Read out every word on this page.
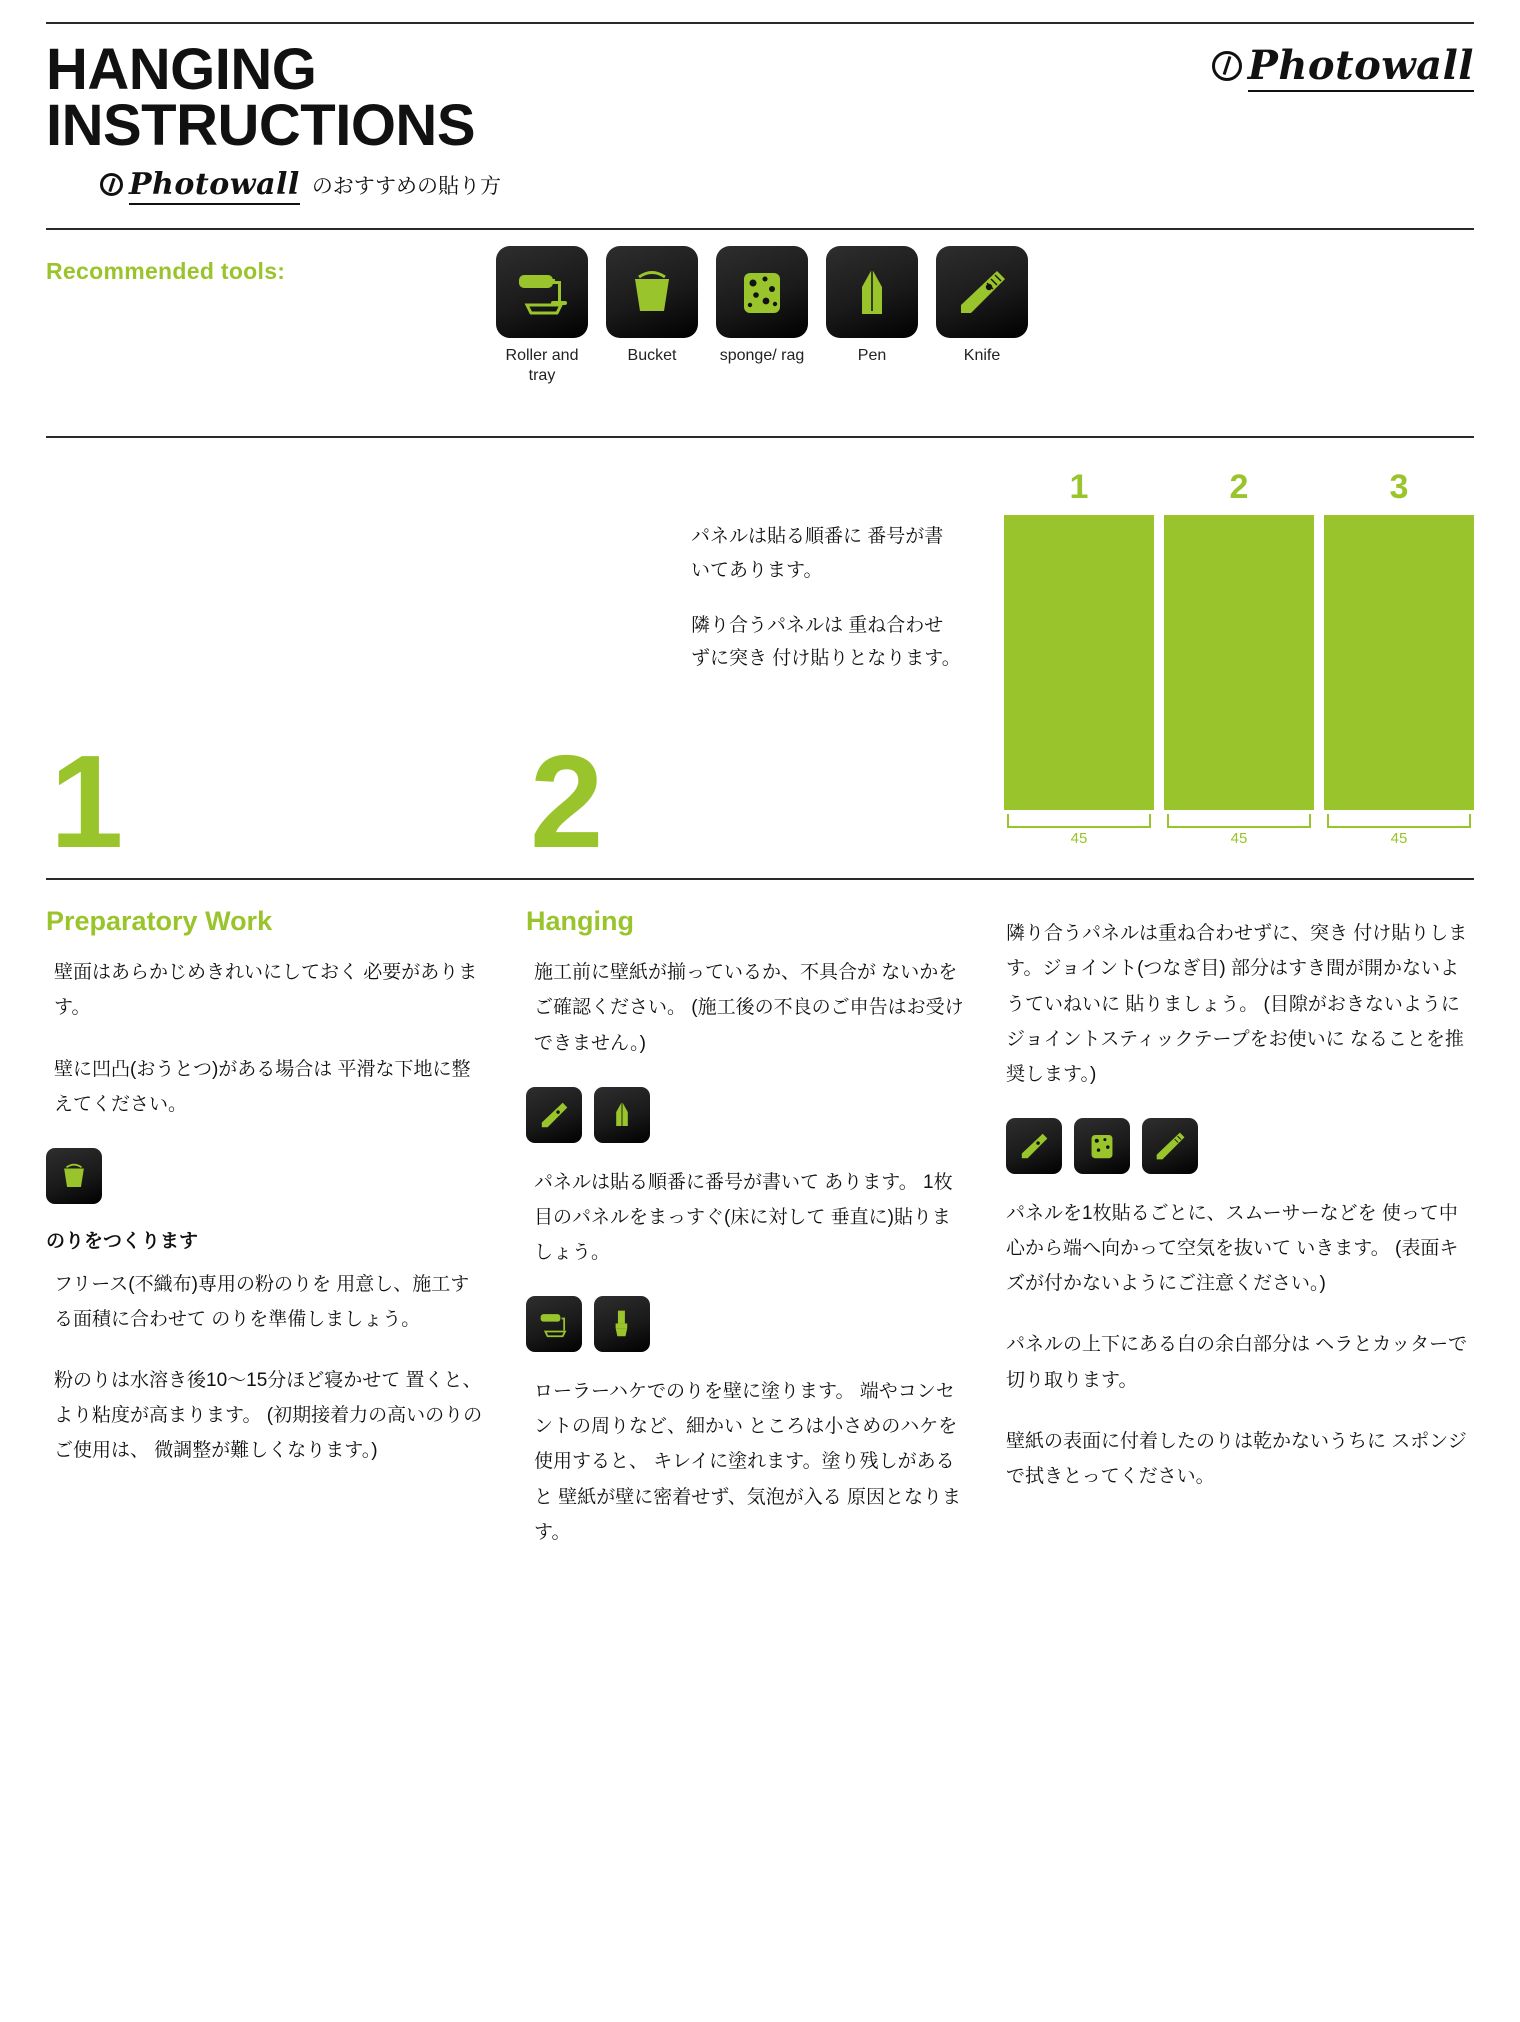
HANGING
INSTRUCTIONS
Photowall のおすすめの貼り方
Photowall
Recommended tools:
Roller and tray
Bucket	sponge/ rag	Pen	Knife
1	2

パネルは貼る順番に 番号が書いてあります。

隣り合うパネルは 重ね合わせずに突き 付け貼りとなります。

1	2	3
45	45	45
Preparatory Work

壁面はあらかじめきれいにしておく 必要があります。

壁に凹凸(おうとつ)がある場合は 平滑な下地に整えてください。

のりをつくります

フリース(不織布)専用の粉のりを 用意し、施工する面積に合わせて のりを準備しましょう。

粉のりは水溶き後10〜15分ほど寝かせて 置くと、より粘度が高まります。 (初期接着力の高いのりのご使用は、 微調整が難しくなります。)

Hanging

施工前に壁紙が揃っているか、不具合が ないかをご確認ください。 (施工後の不良のご申告はお受けできません。)

パネルは貼る順番に番号が書いて あります。 1枚目のパネルをまっすぐ(床に対して 垂直に)貼りましょう。

ローラーハケでのりを壁に塗ります。 端やコンセントの周りなど、細かい ところは小さめのハケを使用すると、 キレイに塗れます。塗り残しがあると 壁紙が壁に密着せず、気泡が入る 原因となります。

隣り合うパネルは重ね合わせずに、突き 付け貼りします。ジョイント(つなぎ目) 部分はすき間が開かないようていねいに 貼りましょう。 (目隙がおきないように ジョイントスティックテープをお使いに なることを推奨します。)

パネルを1枚貼るごとに、スムーサーなどを 使って中心から端へ向かって空気を抜いて いきます。 (表面キズが付かないようにご注意ください。)

パネルの上下にある白の余白部分は ヘラとカッターで切り取ります。

壁紙の表面に付着したのりは乾かないうちに スポンジで拭きとってください。
